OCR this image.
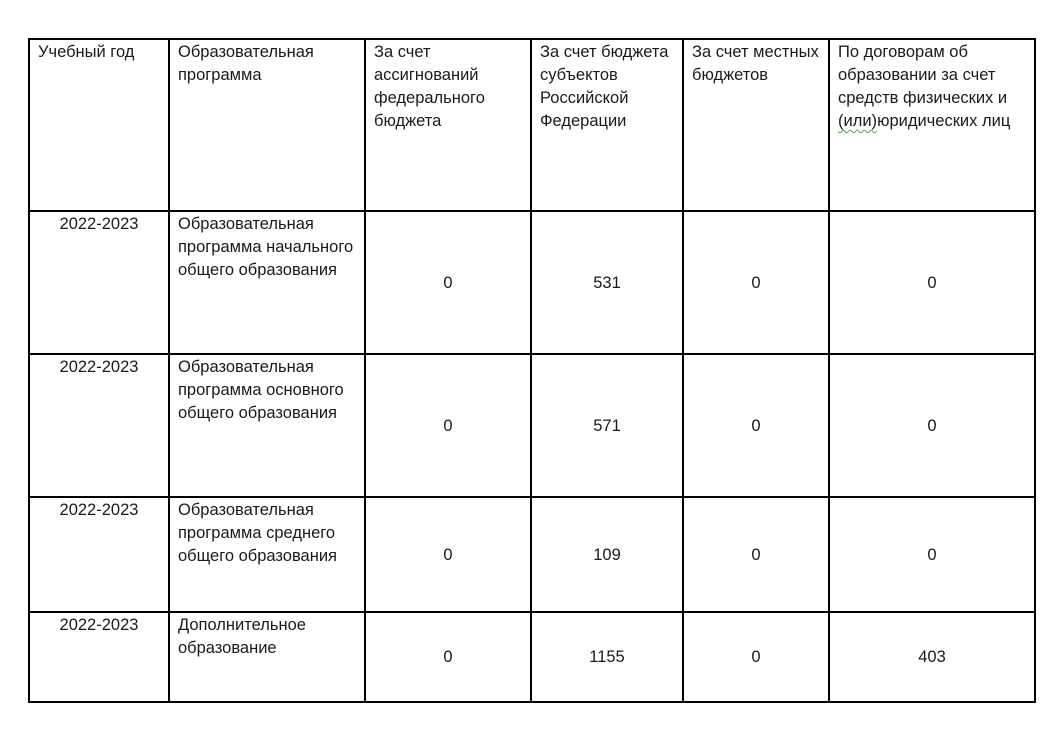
Учебный год	Образовательная программа	За счет ассигнований федерального бюджета	За счет бюджета субъектов Российской Федерации	За счет местных бюджетов	По договорам об образовании за счет средств физических и (или)юридических лиц
2022-2023	Образовательная программа начального общего образования	0	531	0	0
2022-2023	Образовательная программа основного общего образования	0	571	0	0
2022-2023	Образовательная программа среднего общего образования	0	109	0	0
2022-2023	Дополнительное образование	0	1155	0	403
